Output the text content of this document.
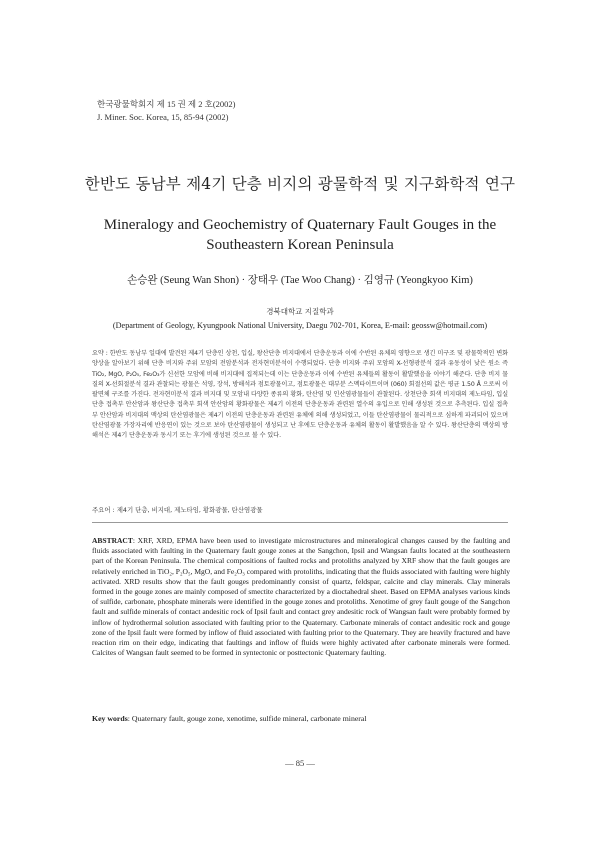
한국광물학회지 제 15 권 제 2 호(2002)
J. Miner. Soc. Korea, 15, 85-94 (2002)
한반도 동남부 제4기 단층 비지의 광물학적 및 지구화학적 연구
Mineralogy and Geochemistry of Quaternary Fault Gouges in the
Southeastern Korean Peninsula
손승완 (Seung Wan Shon) · 장태우 (Tae Woo Chang) · 김영규 (Yeongkyoo Kim)
경북대학교 지질학과
(Department of Geology, Kyungpook National University, Daegu 702-701, Korea, E-mail: geossw@hotmail.com)
요약 : 한반도 동남부 일대에 발견된 제4기 단층인 상천, 입실, 왕산단층 비지대에서 단층운동과 이에 수반된 유체의 영향으로 생긴 미구조 및 광물학적인 변화 양상을 알아보기 위해 단층 비지와 주위 모암의 전암분석과 전자현미분석이 수행되었다. 단층 비지와 주위 모암의 X-선형광분석 결과 유동성이 낮은 원소 즉 TiO₂, MgO, P₂O₅, Fe₂O₃가 신선한 모암에 비해 비지대에 집적되는데 이는 단층운동과 이에 수반된 유체들의 활동이 활발했음을 이야기 해준다. 단층 비지 물질의 X-선회절분석 결과 관찰되는 광물은 석영, 장석, 방해석과 점토광물이고, 점토광물은 대부분 스멕타이트이며 (060) 회절선의 값은 평균 1.50 Å 으로써 이팔면체 구조를 가진다. 전자현미분석 결과 비지대 및 모암내 다양한 종류의 황화, 탄산염 및 인산염광물들이 관찰된다. 상천단층 회색 비지대의 제노타임, 입실단층 접촉부 안산암과 왕산단층 접촉부 회색 안산암의 황화광물은 제4기 이전의 단층운동과 관련된 열수의 유입으로 인해 생성된 것으로 추측된다. 입실 접촉부 안산암과 비지대의 맥상의 탄산염광물은 제4기 이전의 단층운동과 관련된 유체에 의해 생성되었고, 이들 탄산염광물이 물리적으로 심하게 파괴되어 있으며 탄산염광물 가장자리에 반응연이 있는 것으로 보아 탄산염광물이 생성되고 난 후에도 단층운동과 유체의 활동이 활발했음을 알 수 있다. 왕산단층의 맥상의 방해석은 제4기 단층운동과 동시기 또는 후기에 생성된 것으로 볼 수 있다.
주요어 : 제4기 단층, 비지대, 제노타임, 황화광물, 탄산염광물
ABSTRACT: XRF, XRD, EPMA have been used to investigate microstructures and mineralogical changes caused by the faulting and fluids associated with faulting in the Quaternary fault gouge zones at the Sangchon, Ipsil and Wangsan faults located at the southeastern part of the Korean Peninsula. The chemical compositions of faulted rocks and protoliths analyzed by XRF show that the fault gouges are relatively enriched in TiO₂, P₂O₅, MgO, and Fe₂O₃ compared with protoliths, indicating that the fluids associated with faulting were highly activated. XRD results show that the fault gouges predominantly consist of quartz, feldspar, calcite and clay minerals. Clay minerals formed in the gouge zones are mainly composed of smectite characterized by a dioctahedral sheet. Based on EPMA analyses various kinds of sulfide, carbonate, phosphate minerals were identified in the gouge zones and protoliths. Xenotime of grey fault gouge of the Sangchon fault and sulfide minerals of contact andesitic rock of Ipsil fault and contact grey andesitic rock of Wangsan fault were probably formed by inflow of hydrothermal solution associated with faulting prior to the Quaternary. Carbonate minerals of contact andesitic rock and gouge zone of the Ipsil fault were formed by inflow of fluid associated with faulting prior to the Quaternary. They are heavily fractured and have reaction rim on their edge, indicating that faultings and inflow of fluids were highly activated after carbonate minerals were formed. Calcites of Wangsan fault seemed to be formed in syntectonic or posttectonic Quaternary faulting.
Key words: Quaternary fault, gouge zone, xenotime, sulfide mineral, carbonate mineral
— 85 —
